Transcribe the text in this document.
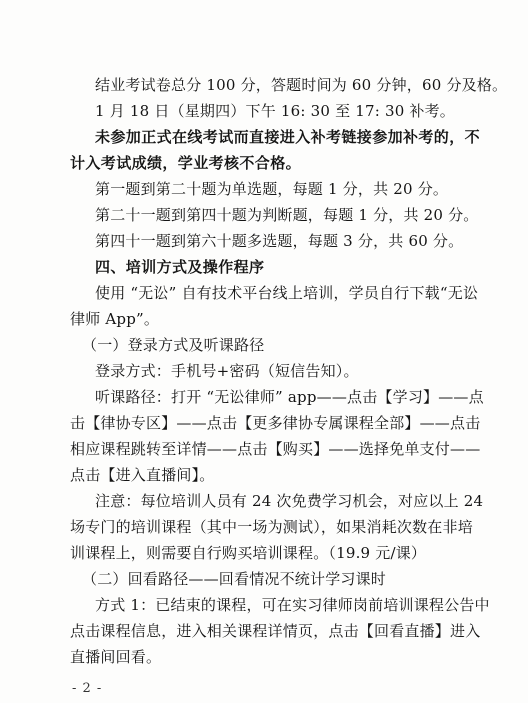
结业考试卷总分 100 分，答题时间为 60 分钟，60 分及格。
1 月 18 日（星期四）下午 16: 30 至 17: 30 补考。
未参加正式在线考试而直接进入补考链接参加补考的，不
计入考试成绩，学业考核不合格。
第一题到第二十题为单选题，每题 1 分，共 20 分。
第二十一题到第四十题为判断题，每题 1 分，共 20 分。
第四十一题到第六十题多选题，每题 3 分，共 60 分。
四、培训方式及操作程序
使用 “无讼” 自有技术平台线上培训，学员自行下载“无讼
律师 App”。
（一）登录方式及听课路径
登录方式：手机号+密码（短信告知）。
听课路径：打开 “无讼律师” app——点击【学习】——点
击【律协专区】——点击【更多律协专属课程全部】——点击
相应课程跳转至详情——点击【购买】——选择免单支付——
点击【进入直播间】。
注意：每位培训人员有 24 次免费学习机会，对应以上 24
场专门的培训课程（其中一场为测试），如果消耗次数在非培
训课程上，则需要自行购买培训课程。（19.9 元/课）
（二）回看路径——回看情况不统计学习课时
方式 1：已结束的课程，可在实习律师岗前培训课程公告中
点击课程信息，进入相关课程详情页，点击【回看直播】进入
直播间回看。
- 2 -
